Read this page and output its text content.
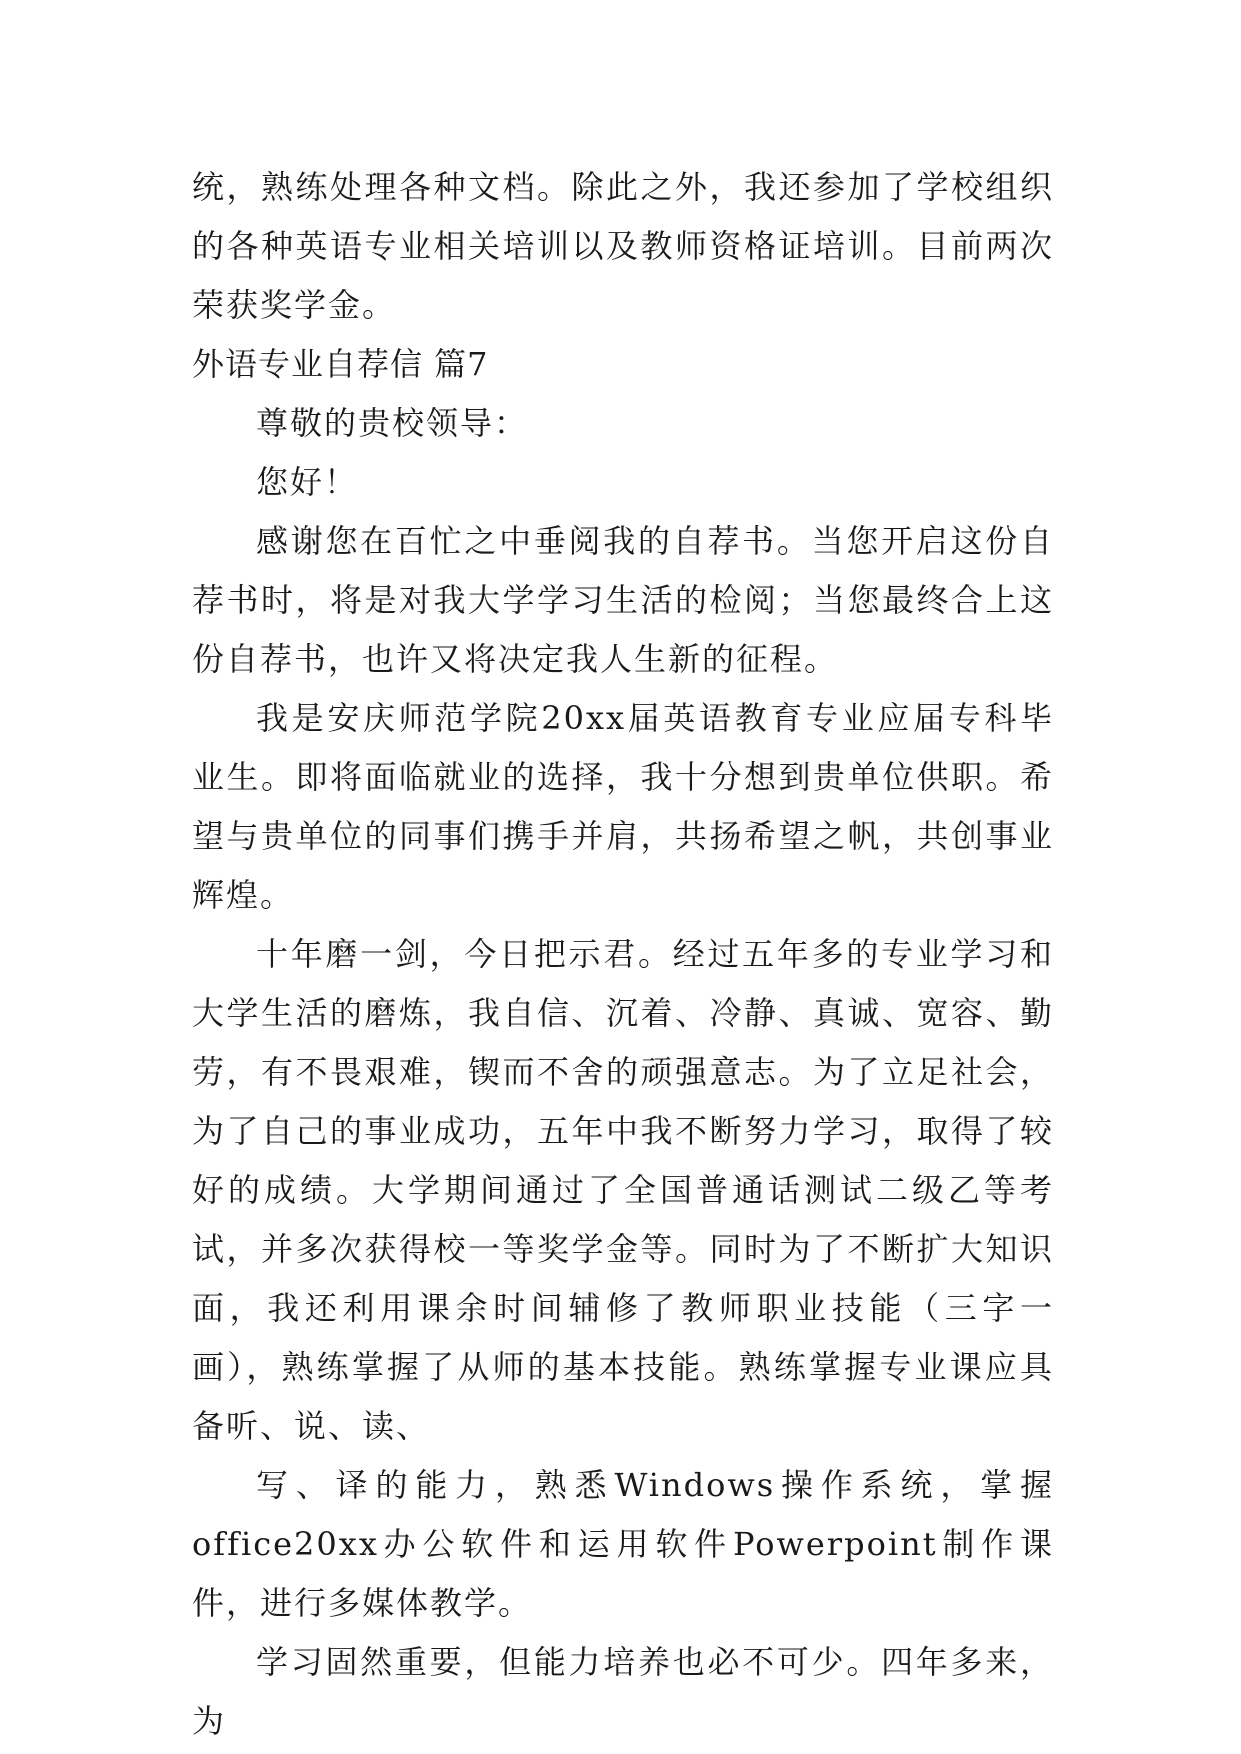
统，熟练处理各种文档。除此之外，我还参加了学校组织的各种英语专业相关培训以及教师资格证培训。目前两次荣获奖学金。

外语专业自荐信 篇7

尊敬的贵校领导：

您好！

感谢您在百忙之中垂阅我的自荐书。当您开启这份自荐书时，将是对我大学学习生活的检阅；当您最终合上这份自荐书，也许又将决定我人生新的征程。

我是安庆师范学院20xx届英语教育专业应届专科毕业生。即将面临就业的选择，我十分想到贵单位供职。希望与贵单位的同事们携手并肩，共扬希望之帆，共创事业辉煌。

十年磨一剑，今日把示君。经过五年多的专业学习和大学生活的磨炼，我自信、沉着、冷静、真诚、宽容、勤劳，有不畏艰难，锲而不舍的顽强意志。为了立足社会，为了自己的事业成功，五年中我不断努力学习，取得了较好的成绩。大学期间通过了全国普通话测试二级乙等考试，并多次获得校一等奖学金等。同时为了不断扩大知识面，我还利用课余时间辅修了教师职业技能（三字一画），熟练掌握了从师的基本技能。熟练掌握专业课应具备听、说、读、

写、译的能力，熟悉Windows操作系统，掌握office20xx办公软件和运用软件Powerpoint制作课件，进行多媒体教学。

学习固然重要，但能力培养也必不可少。四年多来，为
